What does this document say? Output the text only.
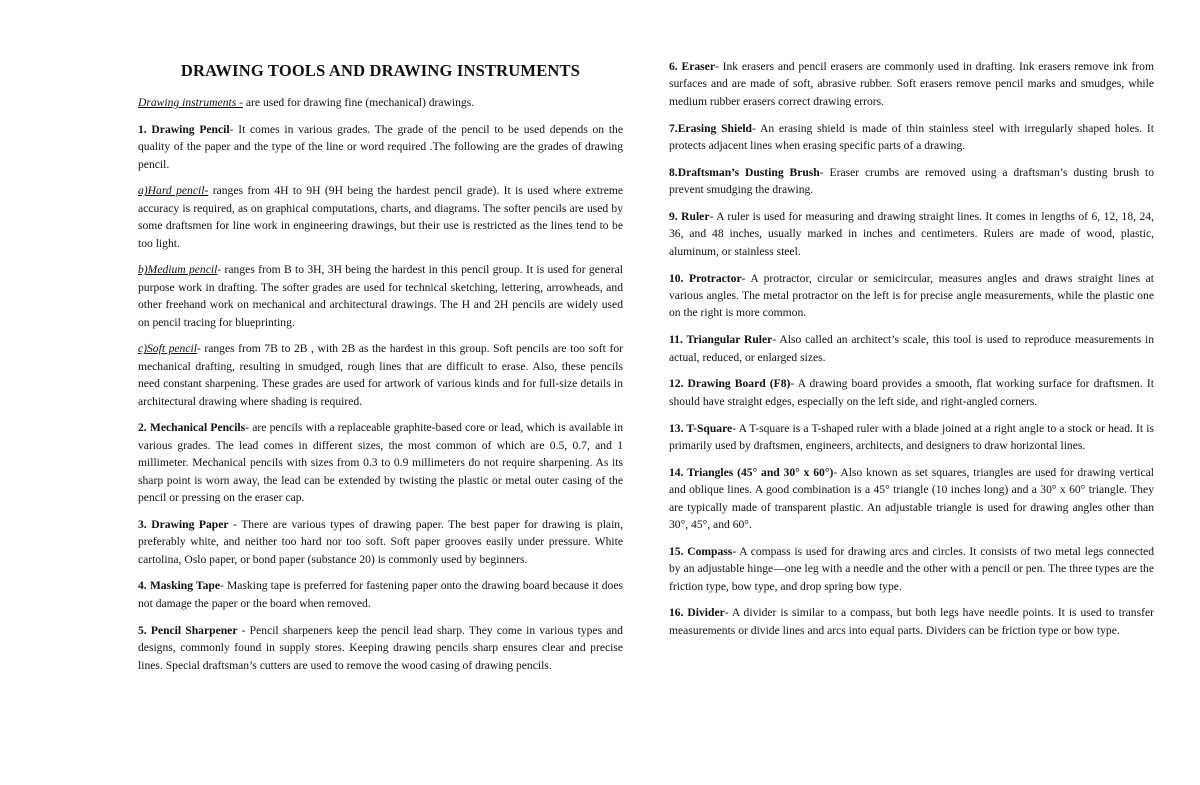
DRAWING TOOLS AND DRAWING INSTRUMENTS

Drawing instruments - are used for drawing fine (mechanical) drawings.

1. Drawing Pencil- It comes in various grades. The grade of the pencil to be used depends on the quality of the paper and the type of the line or word required .The following are the grades of drawing pencil.

a)Hard pencil- ranges from 4H to 9H (9H being the hardest pencil grade). It is used where extreme accuracy is required, as on graphical computations, charts, and diagrams. The softer pencils are used by some draftsmen for line work in engineering drawings, but their use is restricted as the lines tend to be too light.

b)Medium pencil- ranges from B to 3H, 3H being the hardest in this pencil group. It is used for general purpose work in drafting. The softer grades are used for technical sketching, lettering, arrowheads, and other freehand work on mechanical and architectural drawings. The H and 2H pencils are widely used on pencil tracing for blueprinting.

c)Soft pencil- ranges from 7B to 2B , with 2B as the hardest in this group. Soft pencils are too soft for mechanical drafting, resulting in smudged, rough lines that are difficult to erase. Also, these pencils need constant sharpening. These grades are used for artwork of various kinds and for full-size details in architectural drawing where shading is required.

2. Mechanical Pencils- are pencils with a replaceable graphite-based core or lead, which is available in various grades. The lead comes in different sizes, the most common of which are 0.5, 0.7, and 1 millimeter. Mechanical pencils with sizes from 0.3 to 0.9 millimeters do not require sharpening. As its sharp point is worn away, the lead can be extended by twisting the plastic or metal outer casing of the pencil or pressing on the eraser cap.

3. Drawing Paper - There are various types of drawing paper. The best paper for drawing is plain, preferably white, and neither too hard nor too soft. Soft paper grooves easily under pressure. White cartolina, Oslo paper, or bond paper (substance 20) is commonly used by beginners.

4. Masking Tape- Masking tape is preferred for fastening paper onto the drawing board because it does not damage the paper or the board when removed.

5. Pencil Sharpener - Pencil sharpeners keep the pencil lead sharp. They come in various types and designs, commonly found in supply stores. Keeping drawing pencils sharp ensures clear and precise lines. Special draftsman’s cutters are used to remove the wood casing of drawing pencils.

6. Eraser- Ink erasers and pencil erasers are commonly used in drafting. Ink erasers remove ink from surfaces and are made of soft, abrasive rubber. Soft erasers remove pencil marks and smudges, while medium rubber erasers correct drawing errors.

7.Erasing Shield- An erasing shield is made of thin stainless steel with irregularly shaped holes. It protects adjacent lines when erasing specific parts of a drawing.

8.Draftsman’s Dusting Brush- Eraser crumbs are removed using a draftsman’s dusting brush to prevent smudging the drawing.

9. Ruler- A ruler is used for measuring and drawing straight lines. It comes in lengths of 6, 12, 18, 24, 36, and 48 inches, usually marked in inches and centimeters. Rulers are made of wood, plastic, aluminum, or stainless steel.

10. Protractor- A protractor, circular or semicircular, measures angles and draws straight lines at various angles. The metal protractor on the left is for precise angle measurements, while the plastic one on the right is more common.

11. Triangular Ruler- Also called an architect’s scale, this tool is used to reproduce measurements in actual, reduced, or enlarged sizes.

12. Drawing Board (F8)- A drawing board provides a smooth, flat working surface for draftsmen. It should have straight edges, especially on the left side, and right-angled corners.

13. T-Square- A T-square is a T-shaped ruler with a blade joined at a right angle to a stock or head. It is primarily used by draftsmen, engineers, architects, and designers to draw horizontal lines.

14. Triangles (45° and 30° x 60°)- Also known as set squares, triangles are used for drawing vertical and oblique lines. A good combination is a 45° triangle (10 inches long) and a 30° x 60° triangle. They are typically made of transparent plastic. An adjustable triangle is used for drawing angles other than 30°, 45°, and 60°.

15. Compass- A compass is used for drawing arcs and circles. It consists of two metal legs connected by an adjustable hinge—one leg with a needle and the other with a pencil or pen. The three types are the friction type, bow type, and drop spring bow type.

16. Divider- A divider is similar to a compass, but both legs have needle points. It is used to transfer measurements or divide lines and arcs into equal parts. Dividers can be friction type or bow type.
